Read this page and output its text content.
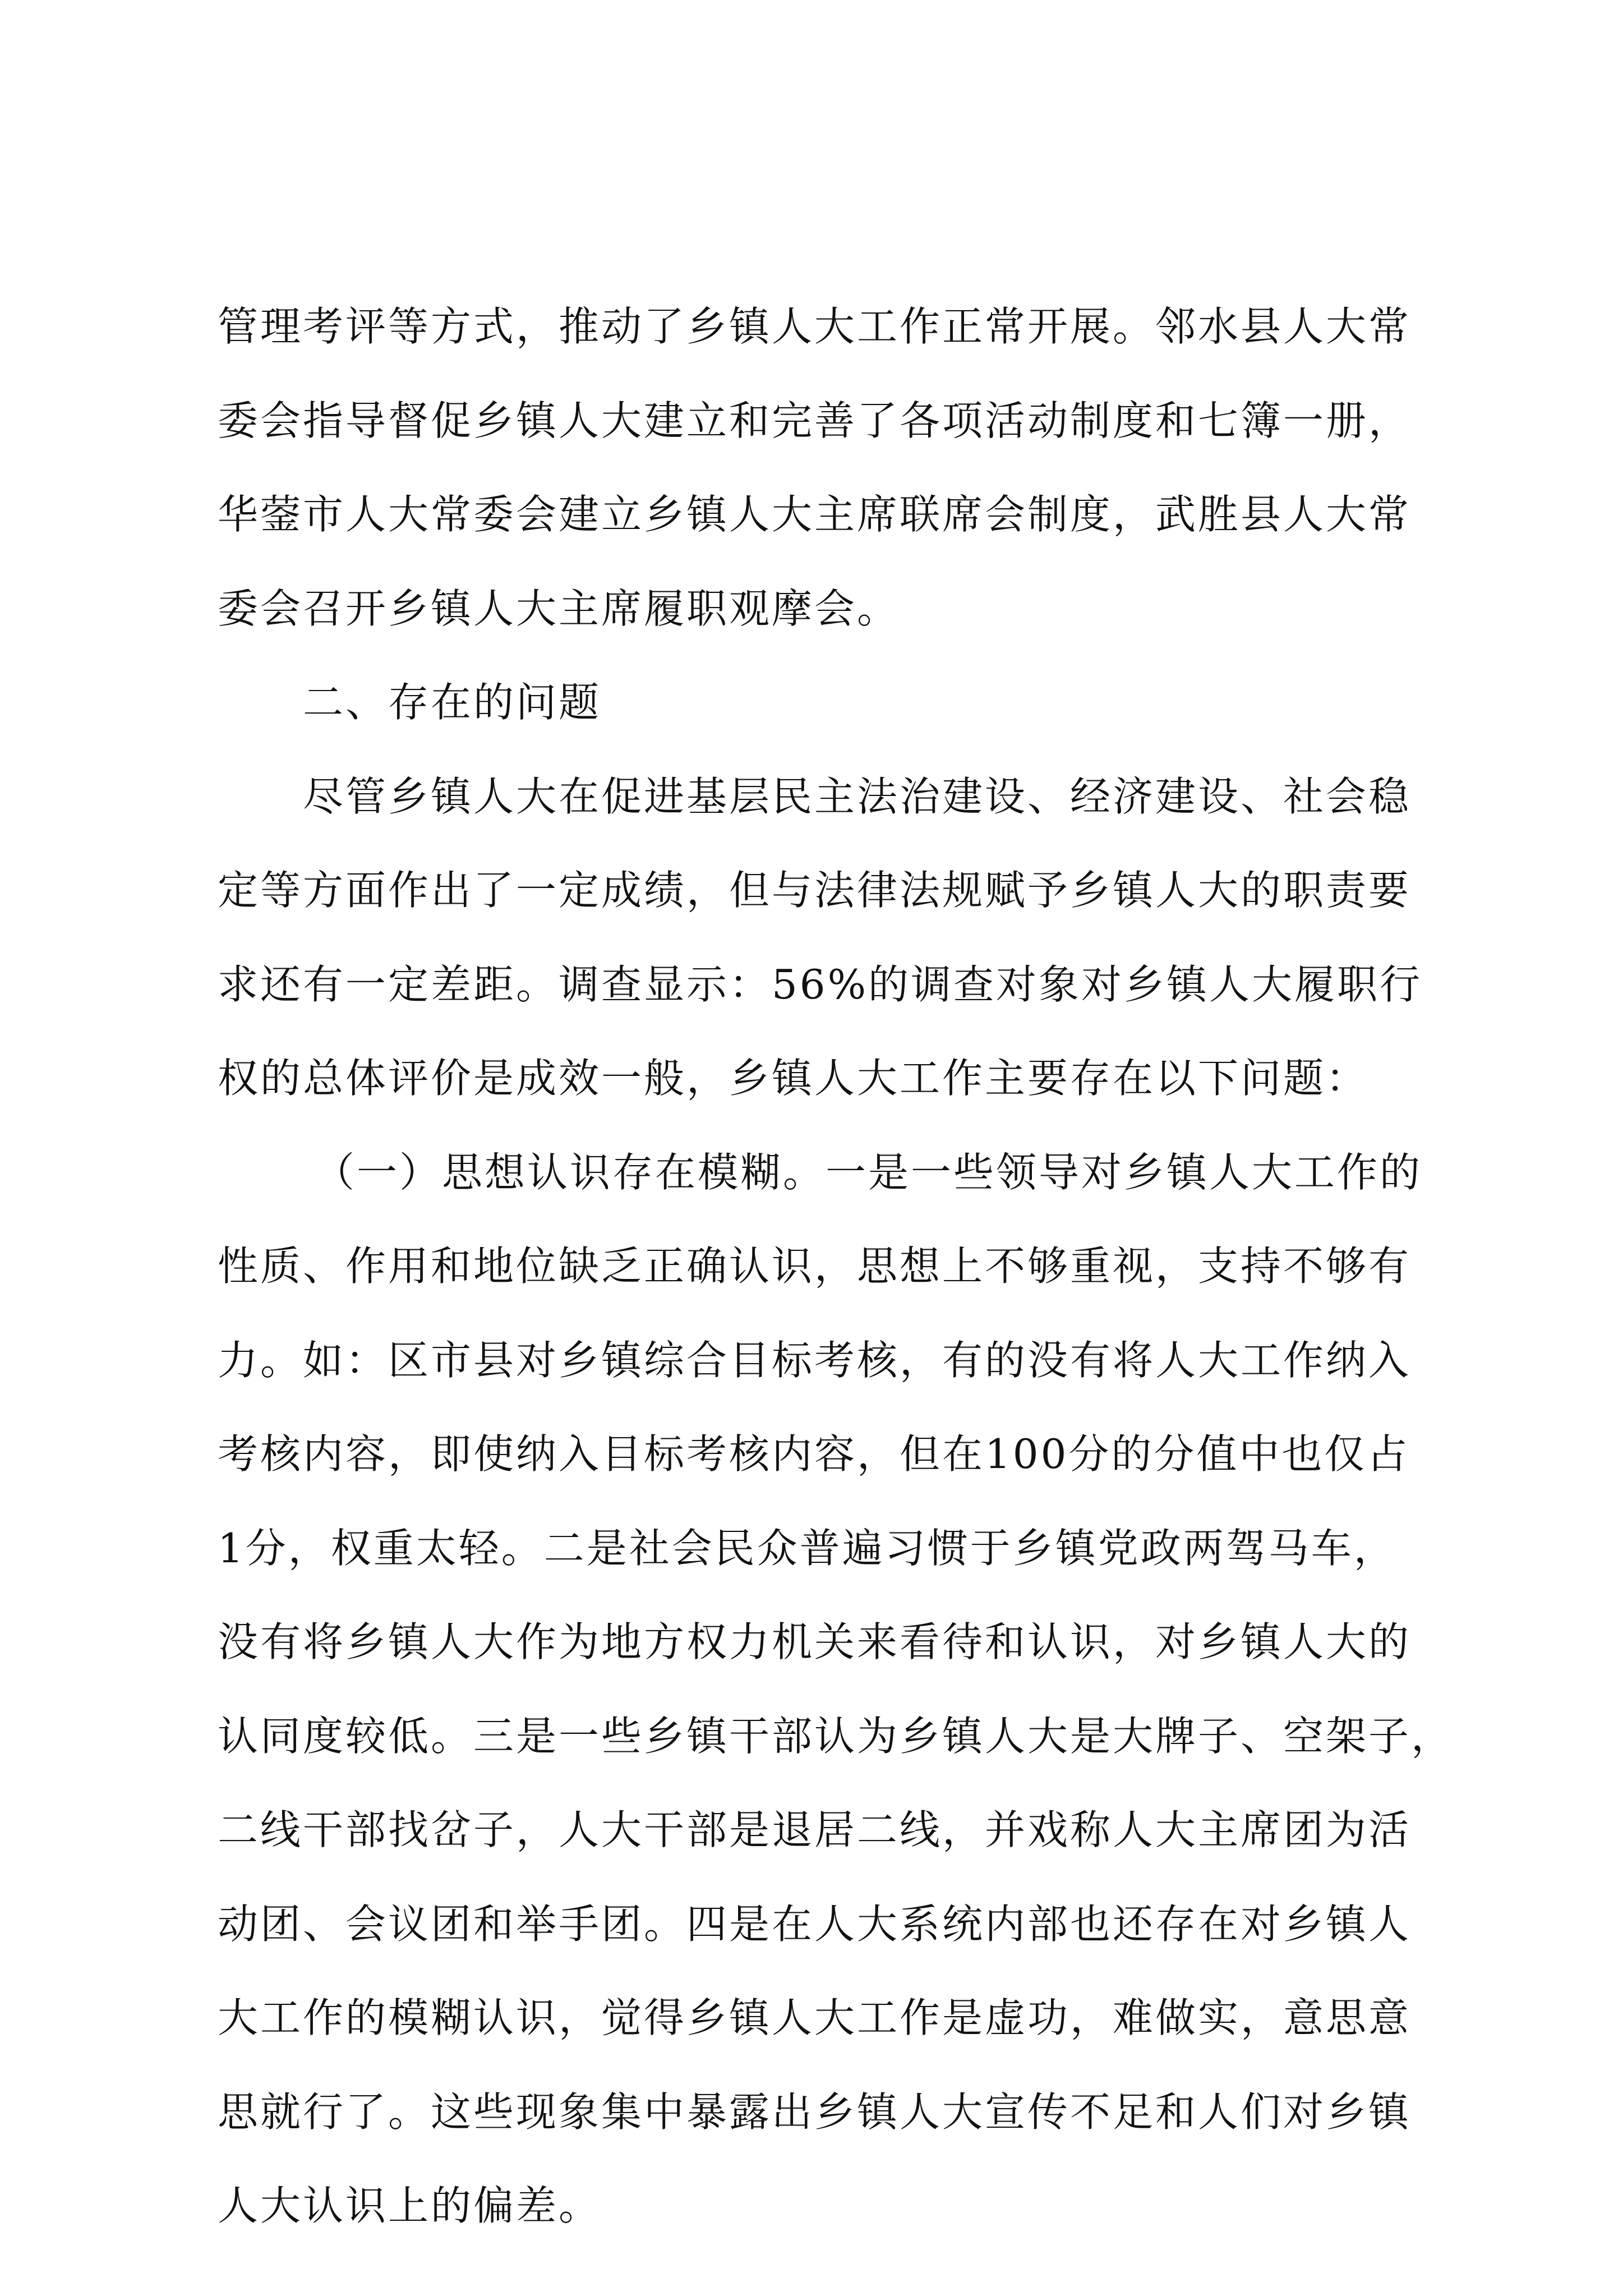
管理考评等方式，推动了乡镇人大工作正常开展。邻水县人大常
委会指导督促乡镇人大建立和完善了各项活动制度和七簿一册，
华蓥市人大常委会建立乡镇人大主席联席会制度，武胜县人大常
委会召开乡镇人大主席履职观摩会。
二、存在的问题
尽管乡镇人大在促进基层民主法治建设、经济建设、社会稳
定等方面作出了一定成绩，但与法律法规赋予乡镇人大的职责要
求还有一定差距。调查显示：56%的调查对象对乡镇人大履职行
权的总体评价是成效一般，乡镇人大工作主要存在以下问题：
（一）思想认识存在模糊。一是一些领导对乡镇人大工作的
性质、作用和地位缺乏正确认识，思想上不够重视，支持不够有
力。如：区市县对乡镇综合目标考核，有的没有将人大工作纳入
考核内容，即使纳入目标考核内容，但在100分的分值中也仅占
1分，权重太轻。二是社会民众普遍习惯于乡镇党政两驾马车，
没有将乡镇人大作为地方权力机关来看待和认识，对乡镇人大的
认同度较低。三是一些乡镇干部认为乡镇人大是大牌子、空架子，
二线干部找岔子，人大干部是退居二线，并戏称人大主席团为活
动团、会议团和举手团。四是在人大系统内部也还存在对乡镇人
大工作的模糊认识，觉得乡镇人大工作是虚功，难做实，意思意
思就行了。这些现象集中暴露出乡镇人大宣传不足和人们对乡镇
人大认识上的偏差。
